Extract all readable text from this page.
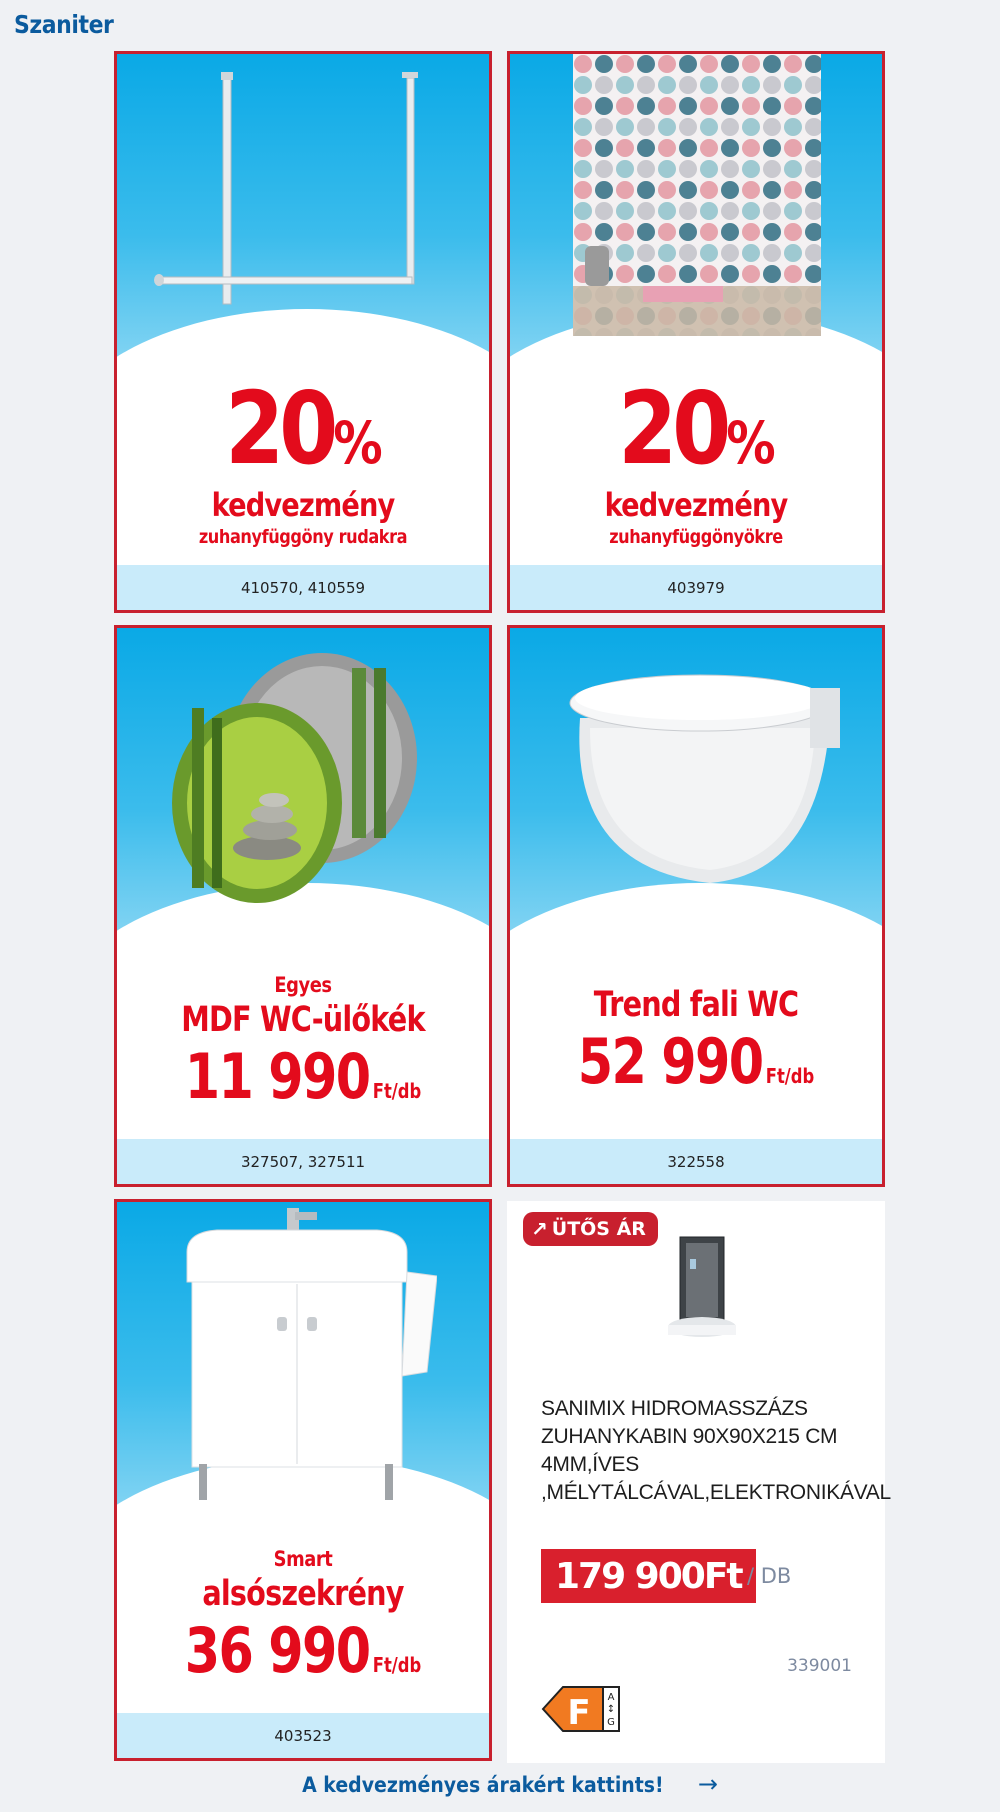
Szaniter
20%
kedvezmény
zuhanyfüggöny rudakra
410570, 410559
20%
kedvezmény
zuhanyfüggönyökre
403979
Egyes
MDF WC-ülőkék
11 990 Ft/db
327507, 327511
Trend fali WC
52 990 Ft/db
322558
Smart
alsószekrény
36 990 Ft/db
403523
↗ ÜTŐS ÁR
SANIMIX HIDROMASSZÁZS ZUHANYKABIN 90X90X215 CM 4MM,ÍVES ,MÉLYTÁLCÁVAL,ELEKTRONIKÁVAL
179 900Ft / DB
339001
F A
↕
G
A kedvezményes árakért kattints! →
